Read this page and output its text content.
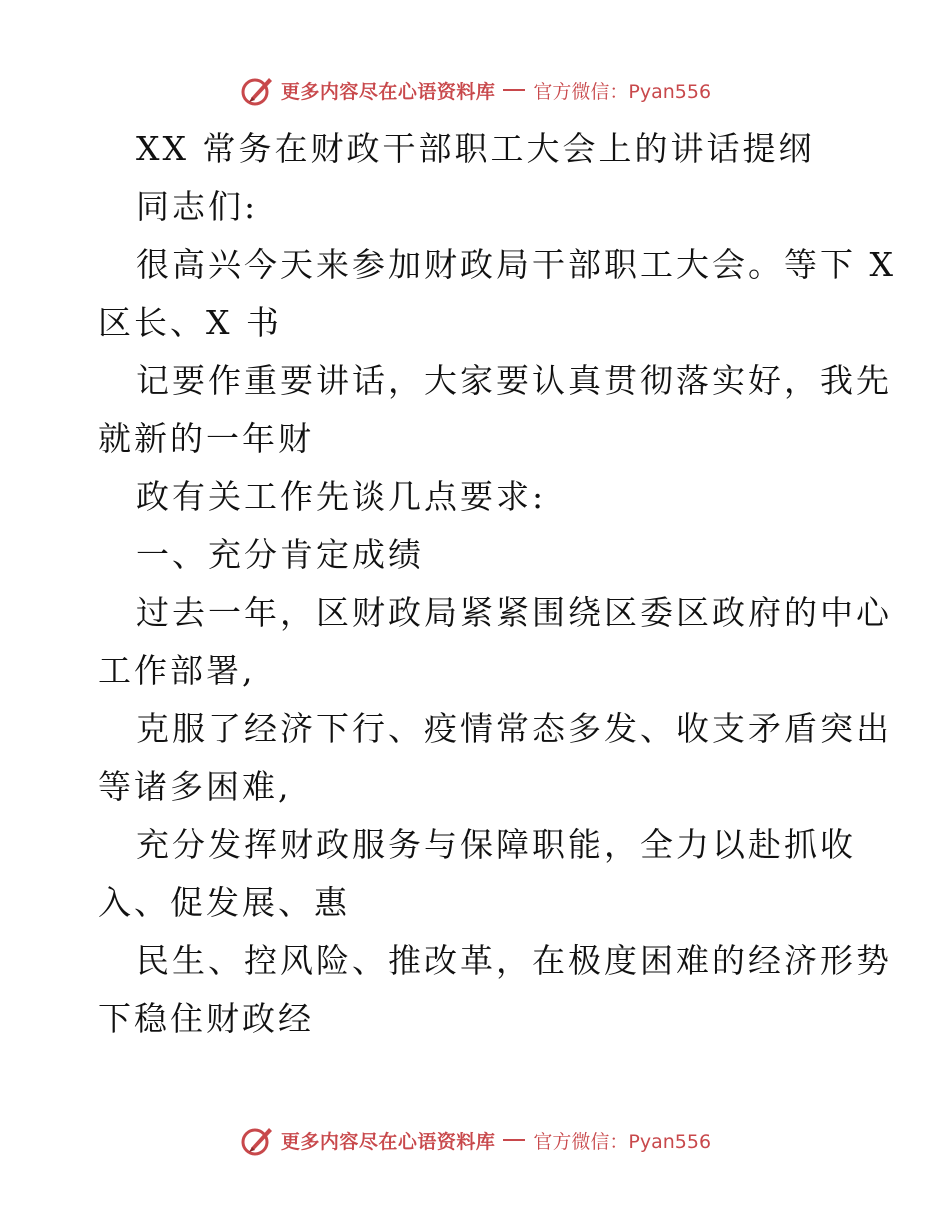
更多内容尽在心语资料库 官方微信：Pyan556
XX 常务在财政干部职工大会上的讲话提纲
同志们:
很高兴今天来参加财政局干部职工大会。等下 X
区长、X 书
记要作重要讲话，大家要认真贯彻落实好，我先
就新的一年财
政有关工作先谈几点要求:
一、充分肯定成绩
过去一年，区财政局紧紧围绕区委区政府的中心
工作部署,
克服了经济下行、疫情常态多发、收支矛盾突出
等诸多困难,
充分发挥财政服务与保障职能，全力以赴抓收
入、促发展、惠
民生、控风险、推改革，在极度困难的经济形势
下稳住财政经
更多内容尽在心语资料库 官方微信：Pyan556
